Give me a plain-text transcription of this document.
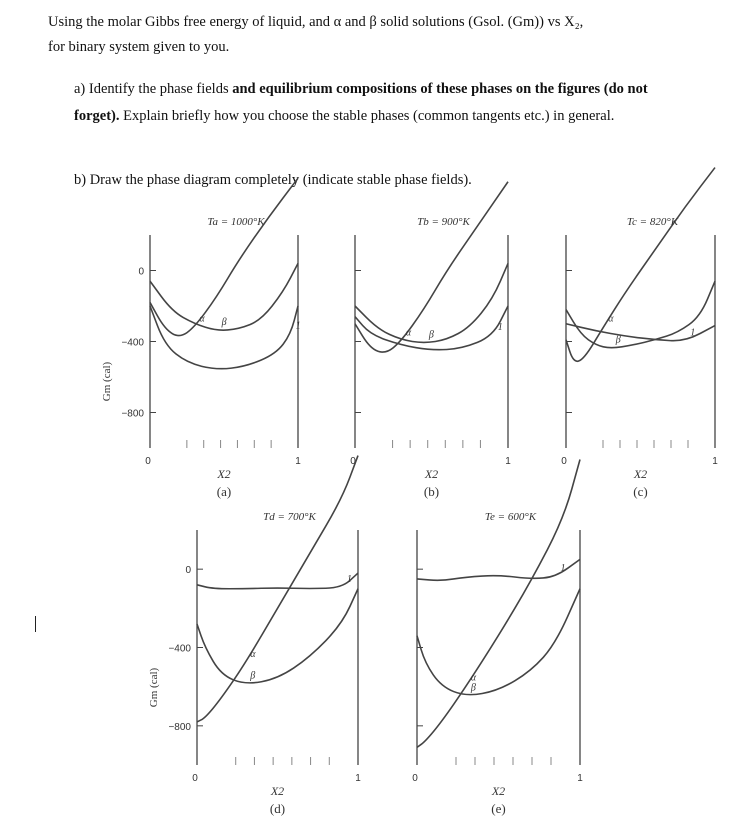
Using the molar Gibbs free energy of liquid, and α and β solid solutions (Gsol. (Gm)) vs X₂,
for binary system given to you.
a) Identify the phase fields and equilibrium compositions of these phases on the figures (do not forget). Explain briefly how you choose the stable phases (common tangents etc.) in general.
b) Draw the phase diagram completely (indicate stable phase fields).
0
−400
−800
Gm (cal)
α β	1
Ta = 1000°K
X2
(a)
0	1
α β
1
Tb = 900°K
X2
(b)
0	1
α
β
1
Tc = 820°K
X2
(c)
0	1
0
−400
−800
Gm (cal)
α
β
1
Td = 700°K
X2
(d)
0	1
α
β
1
Te = 600°K
X2
(e)
0	1
